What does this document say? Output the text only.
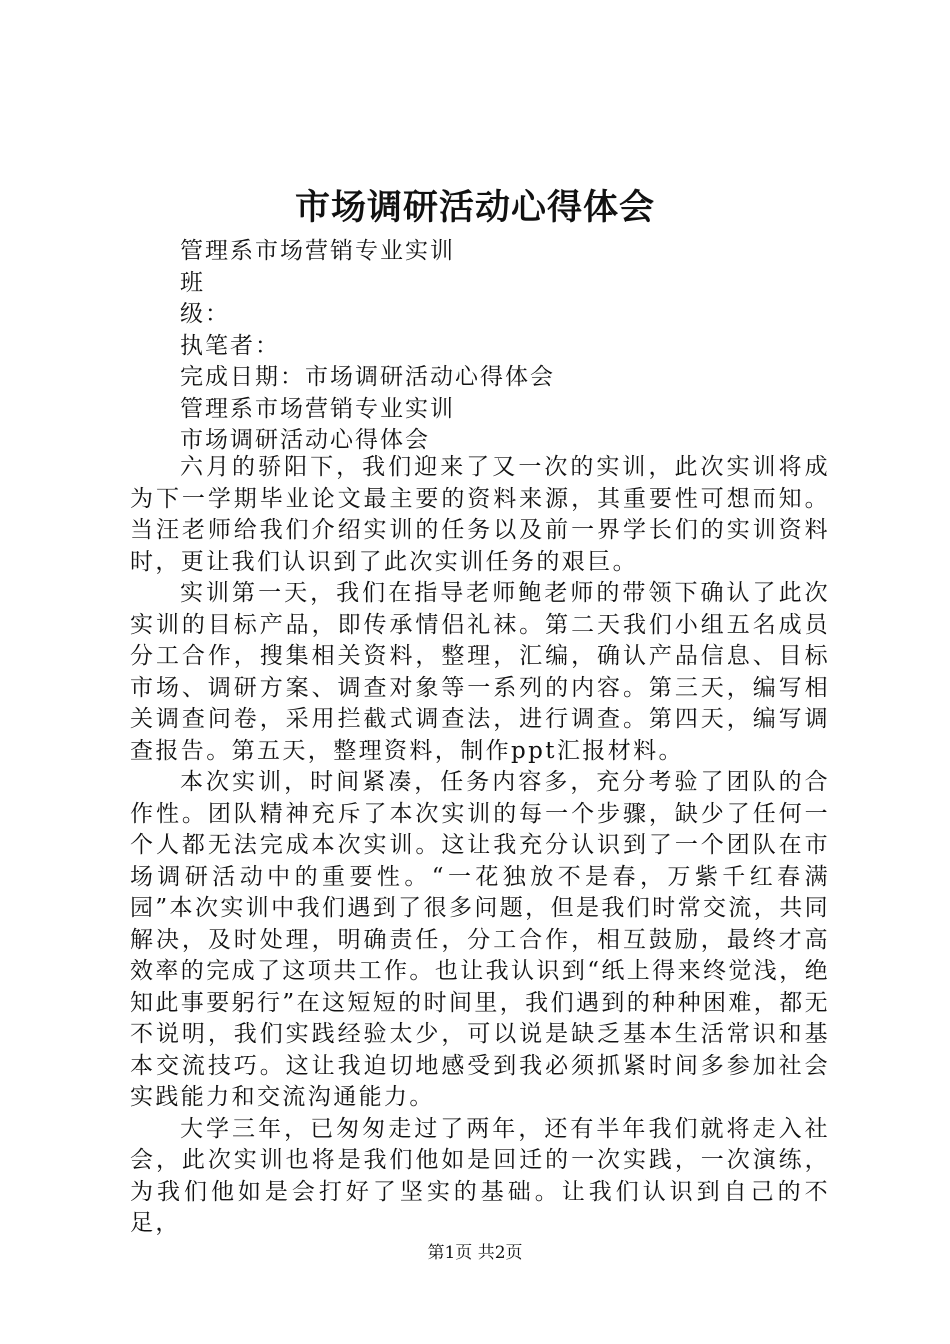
市场调研活动心得体会
管理系市场营销专业实训
班
级：
执笔者：
完成日期：市场调研活动心得体会
管理系市场营销专业实训
市场调研活动心得体会

六月的骄阳下，我们迎来了又一次的实训，此次实训将成为下一学期毕业论文最主要的资料来源，其重要性可想而知。当汪老师给我们介绍实训的任务以及前一界学长们的实训资料时，更让我们认识到了此次实训任务的艰巨。

实训第一天，我们在指导老师鲍老师的带领下确认了此次实训的目标产品，即传承情侣礼袜。第二天我们小组五名成员分工合作，搜集相关资料，整理，汇编，确认产品信息、目标市场、调研方案、调查对象等一系列的内容。第三天，编写相关调查问卷，采用拦截式调查法，进行调查。第四天，编写调查报告。第五天，整理资料，制作ppt汇报材料。

本次实训，时间紧凑，任务内容多，充分考验了团队的合作性。团队精神充斥了本次实训的每一个步骤，缺少了任何一个人都无法完成本次实训。这让我充分认识到了一个团队在市场调研活动中的重要性。“一花独放不是春，万紫千红春满园”本次实训中我们遇到了很多问题，但是我们时常交流，共同解决，及时处理，明确责任，分工合作，相互鼓励，最终才高效率的完成了这项共工作。也让我认识到“纸上得来终觉浅，绝知此事要躬行”在这短短的时间里，我们遇到的种种困难，都无不说明，我们实践经验太少，可以说是缺乏基本生活常识和基本交流技巧。这让我迫切地感受到我必须抓紧时间多参加社会实践能力和交流沟通能力。

大学三年，已匆匆走过了两年，还有半年我们就将走入社会，此次实训也将是我们他如是回迁的一次实践，一次演练，为我们他如是会打好了坚实的基础。让我们认识到自己的不足，

第1页 共2页
